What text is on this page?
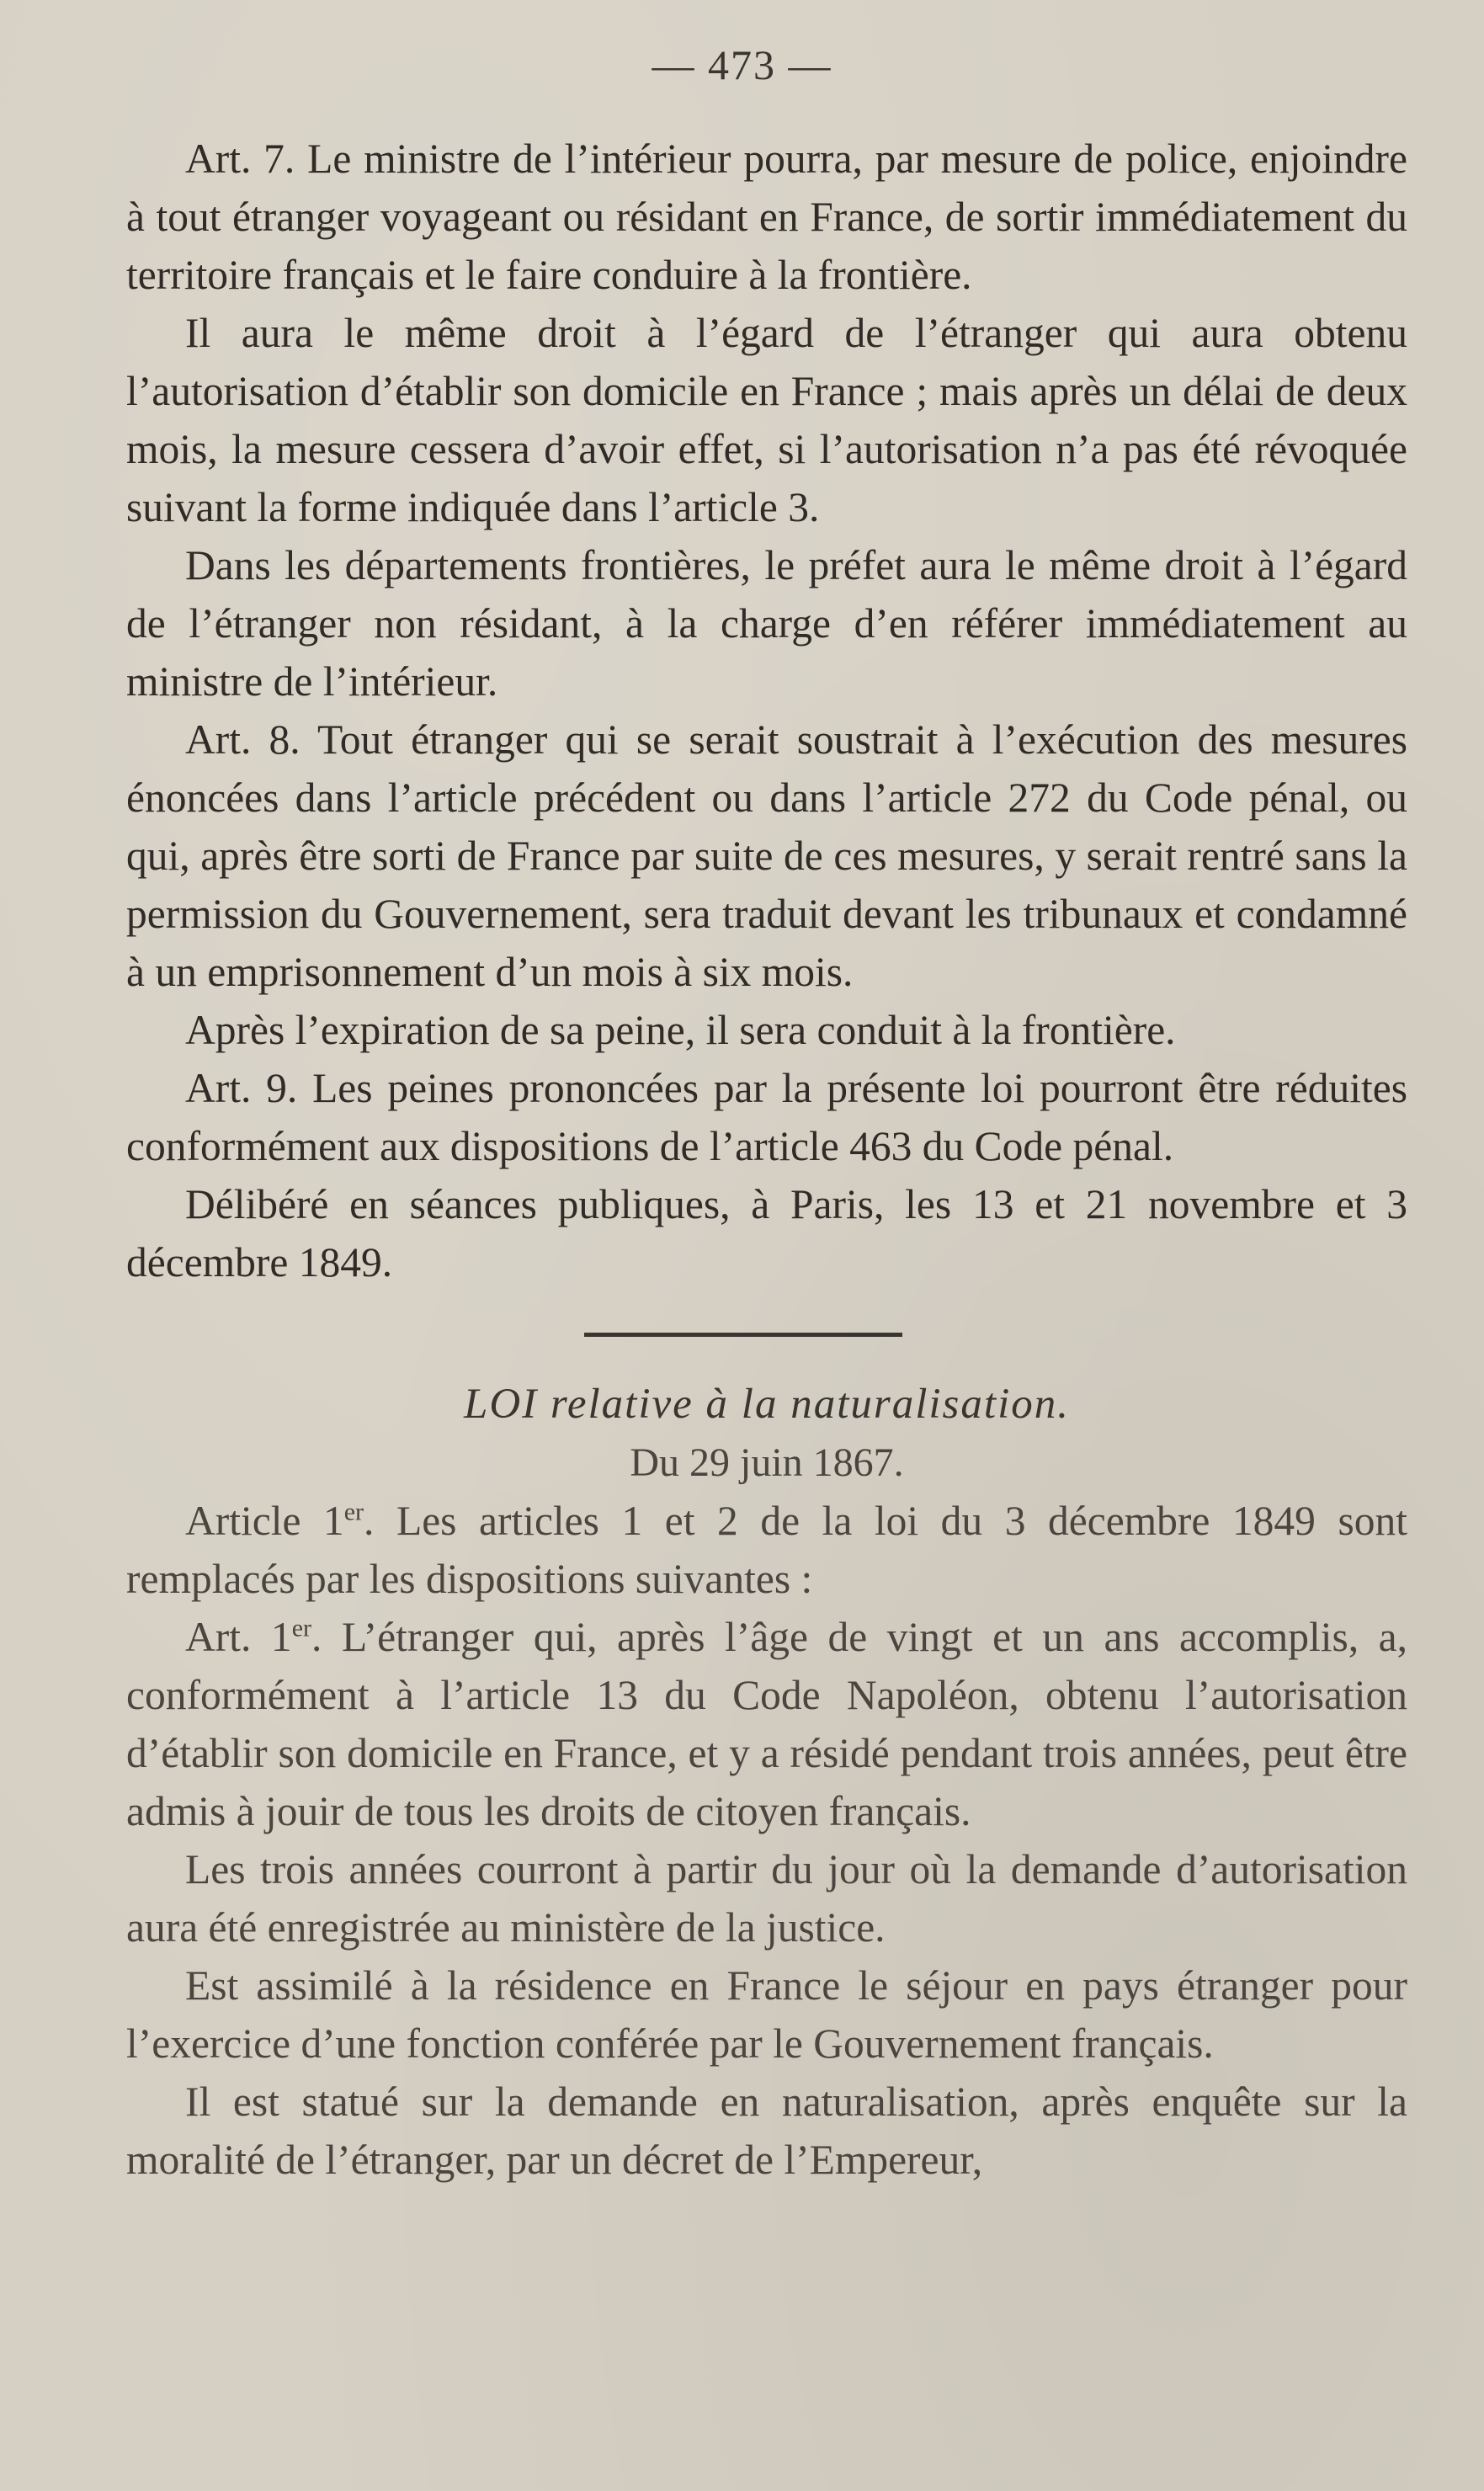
— 473 —

Art. 7. Le ministre de l’intérieur pourra, par mesure de police, enjoindre à tout étranger voyageant ou résidant en France, de sortir immédiatement du territoire français et le faire conduire à la frontière.

Il aura le même droit à l’égard de l’étranger qui aura obtenu l’autorisation d’établir son domicile en France ; mais après un délai de deux mois, la mesure cessera d’avoir effet, si l’autorisation n’a pas été révoquée suivant la forme indiquée dans l’article 3.

Dans les départements frontières, le préfet aura le même droit à l’égard de l’étranger non résidant, à la charge d’en référer immédiatement au ministre de l’intérieur.

Art. 8. Tout étranger qui se serait soustrait à l’exécution des mesures énoncées dans l’article précédent ou dans l’article 272 du Code pénal, ou qui, après être sorti de France par suite de ces mesures, y serait rentré sans la permission du Gouvernement, sera traduit devant les tribunaux et condamné à un emprisonnement d’un mois à six mois.

Après l’expiration de sa peine, il sera conduit à la frontière.

Art. 9. Les peines prononcées par la présente loi pourront être réduites conformément aux dispositions de l’article 463 du Code pénal.

Délibéré en séances publiques, à Paris, les 13 et 21 novembre et 3 décembre 1849.

LOI relative à la naturalisation.

Du 29 juin 1867.

Article 1er. Les articles 1 et 2 de la loi du 3 décembre 1849 sont remplacés par les dispositions suivantes :

Art. 1er. L’étranger qui, après l’âge de vingt et un ans accomplis, a, conformément à l’article 13 du Code Napoléon, obtenu l’autorisation d’établir son domicile en France, et y a résidé pendant trois années, peut être admis à jouir de tous les droits de citoyen français.

Les trois années courront à partir du jour où la demande d’autorisation aura été enregistrée au ministère de la justice.

Est assimilé à la résidence en France le séjour en pays étranger pour l’exercice d’une fonction conférée par le Gouvernement français.

Il est statué sur la demande en naturalisation, après enquête sur la moralité de l’étranger, par un décret de l’Empereur,
